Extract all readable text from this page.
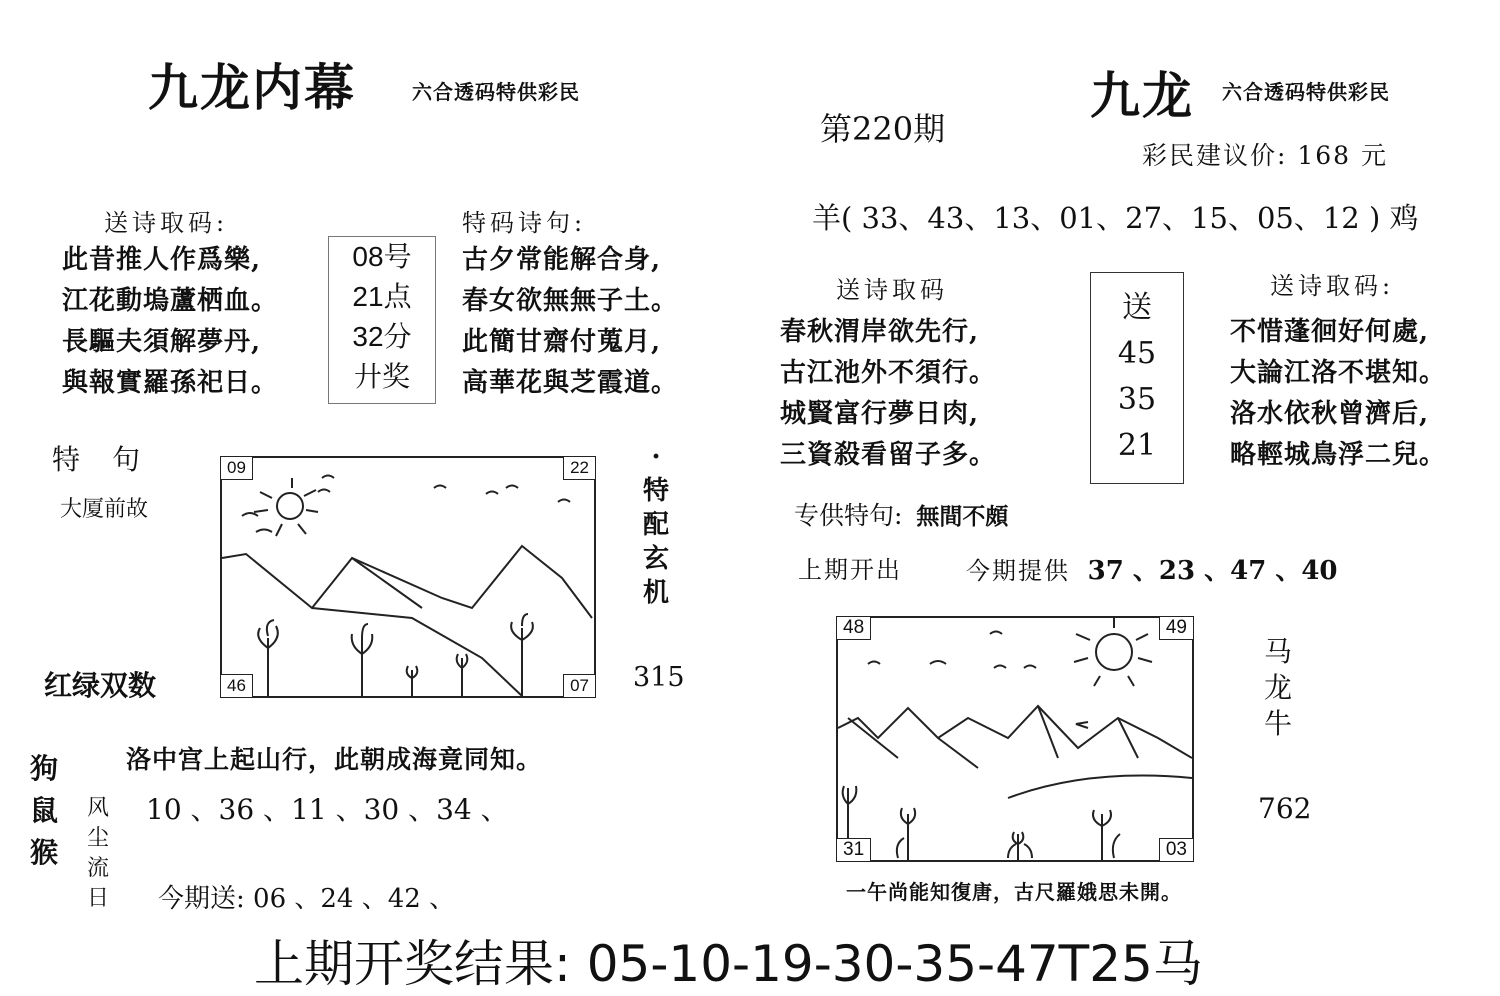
九龙内幕	六合透码特供彩民
送诗取码:
此昔推人作爲樂,
江花動塢蘆栖血。
長驅夫須解夢丹,
與報實羅孫祀日。
08号
21点
32分
廾奖
特码诗句:
古夕常能解合身,
春女欲無無子土。
此簡甘齋付蒐月,
高華花與芝霞道。
特　句
大厦前故
红绿双数
09	22
46	07
·
特
配
玄
机
315
洛中宫上起山行，此朝成海竟同知。
狗
鼠
猴
风
尘
流
日
10 、36 、11 、30 、34 、
今期送: 06 、24 、42 、
第220期
九龙 六合透码特供彩民
彩民建议价: 168 元
羊( 33、43、13、01、27、15、05、12 ) 鸡
送诗取码
春秋渭岸欲先行,
古江池外不須行。
城賢富行夢日肉,
三資殺看留子多。
送
45
35
21
送诗取码:
不惜蓬徊好何處,
大論江洛不堪知。
洛水依秋曾濟后,
略輕城鳥浮二兒。
专供特句: 無間不頗
上期开出	今期提供 37 、23 、47 、40
48	49
31	03
马
龙
牛
762
一午尚能知復唐，古尺羅娥思未開。
上期开奖结果: 05-10-19-30-35-47T25马
